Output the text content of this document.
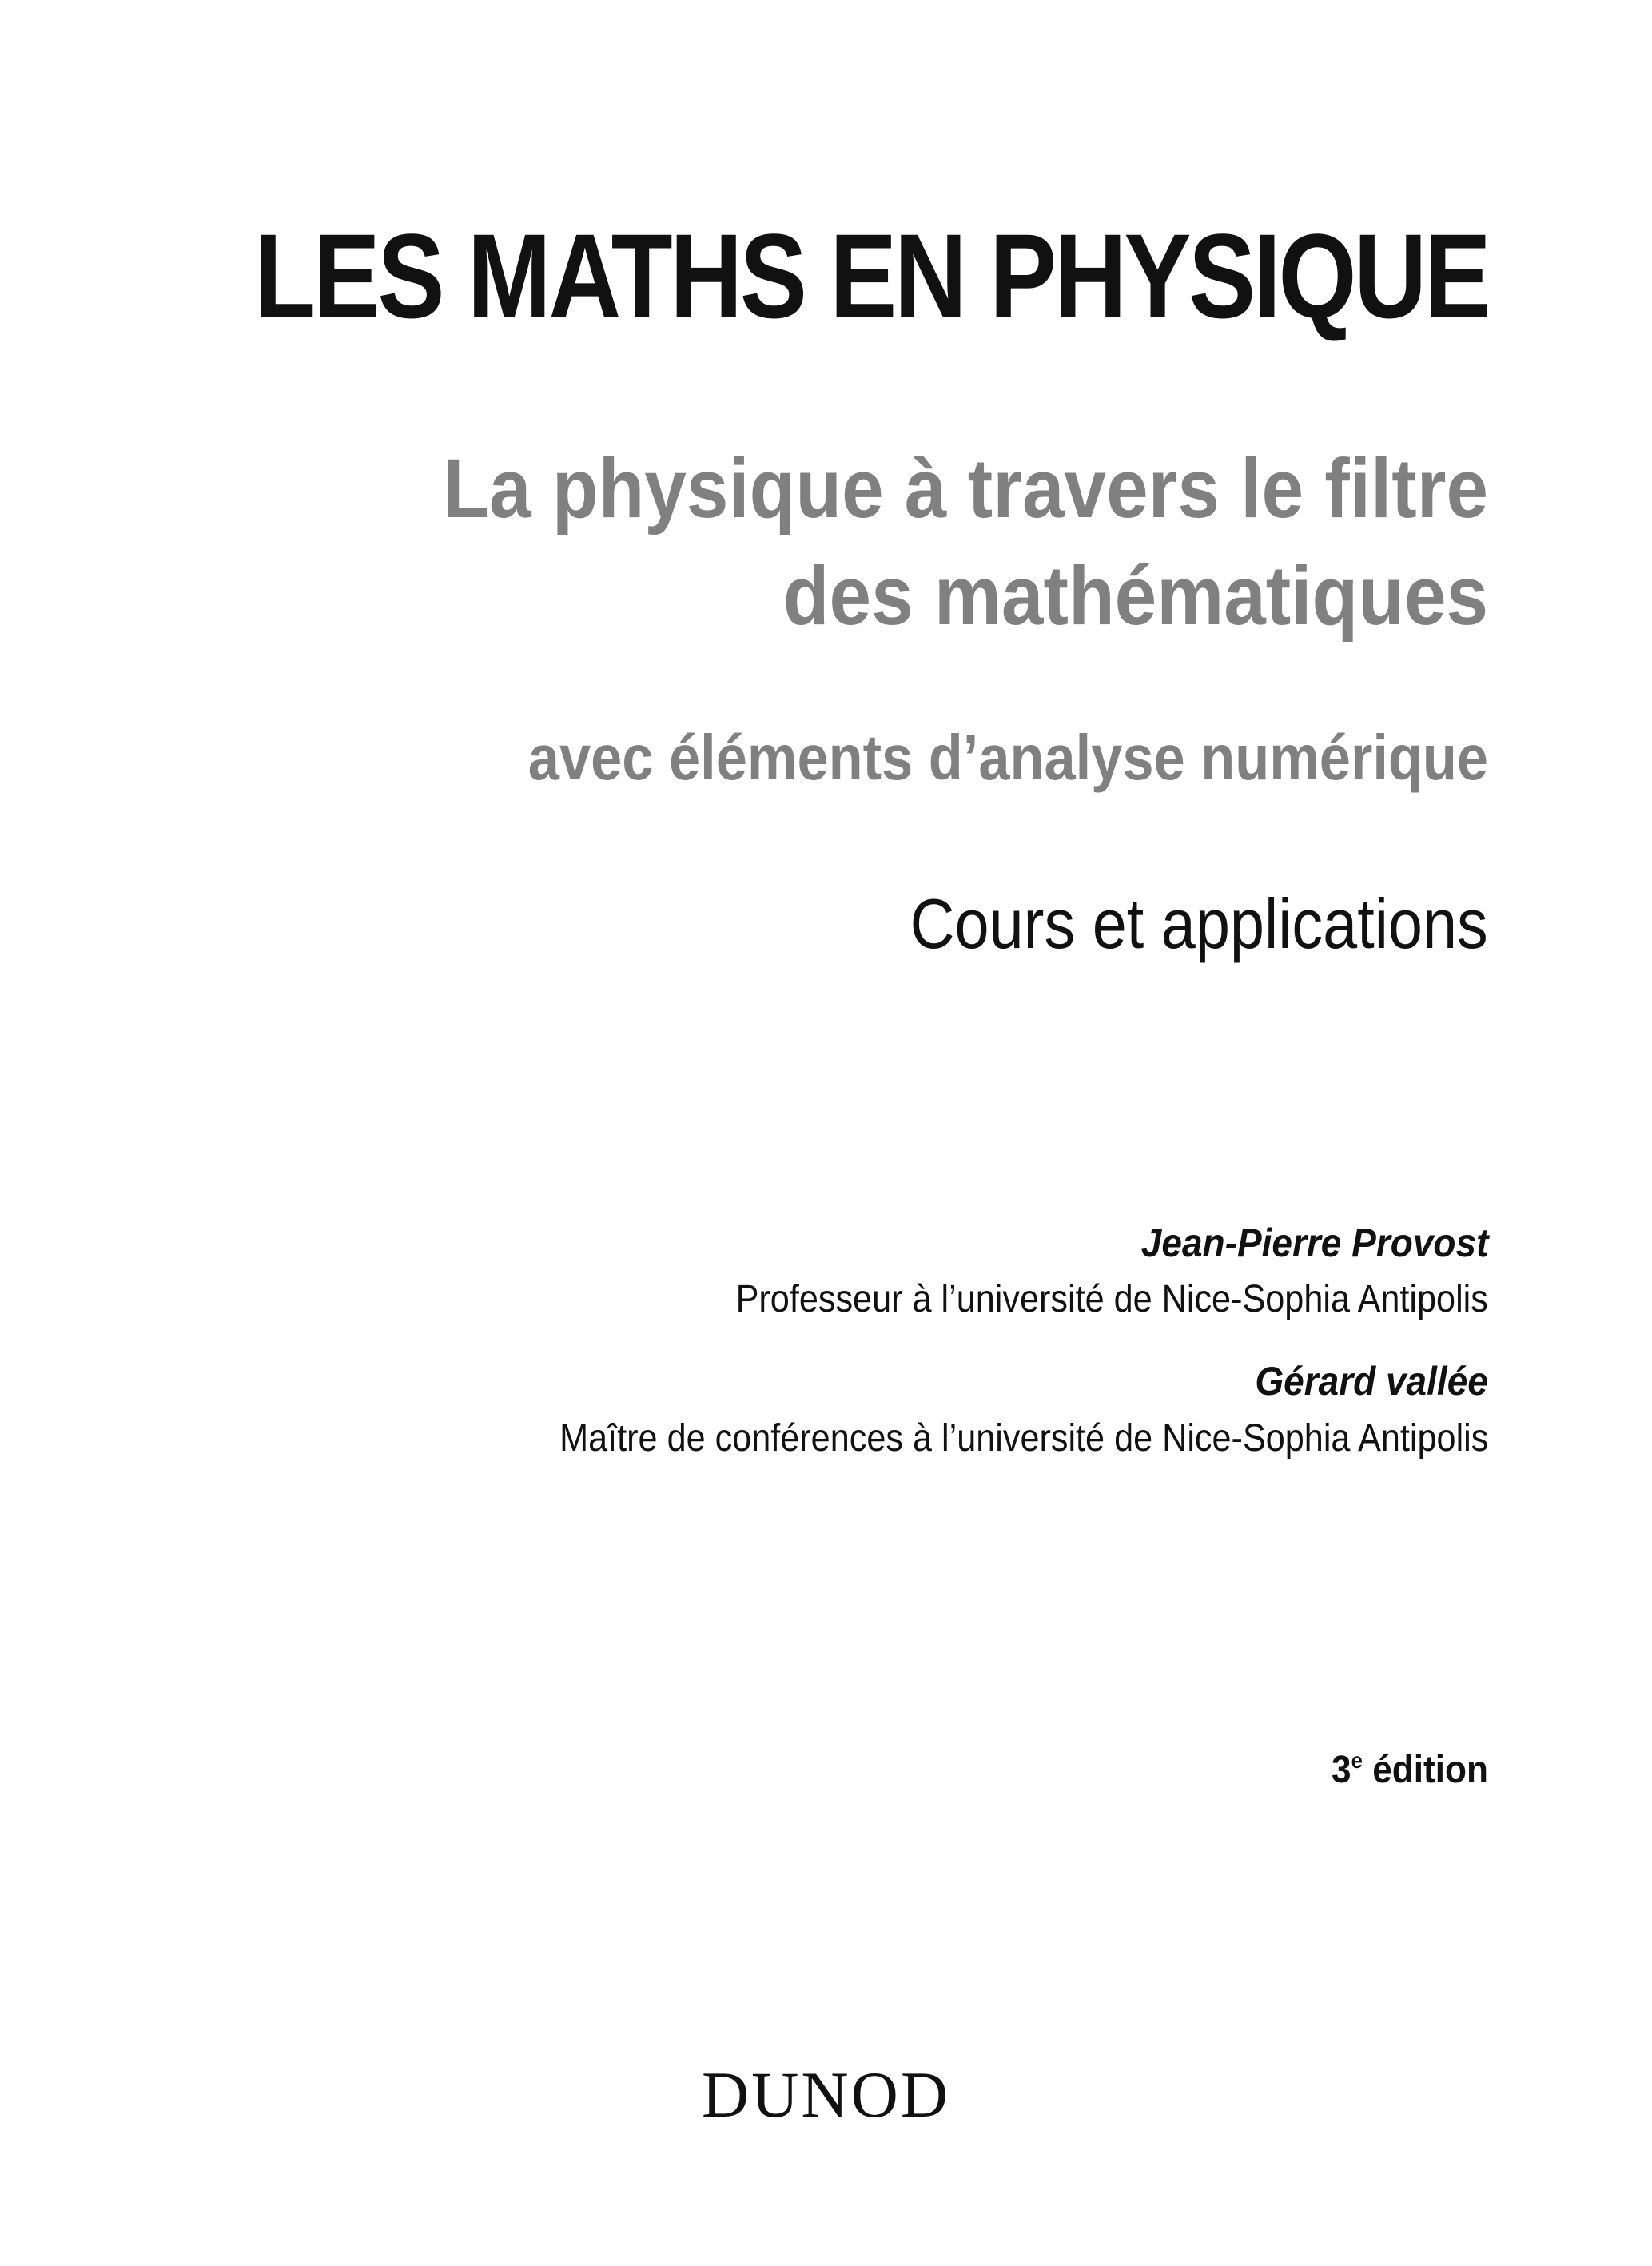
LES MATHS EN PHYSIQUE
La physique à travers le filtre
des mathématiques
avec éléments d’analyse numérique
Cours et applications
Jean-Pierre Provost
Professeur à l’université de Nice-Sophia Antipolis
Gérard vallée
Maître de conférences à l’université de Nice-Sophia Antipolis
3e édition
DUNOD
